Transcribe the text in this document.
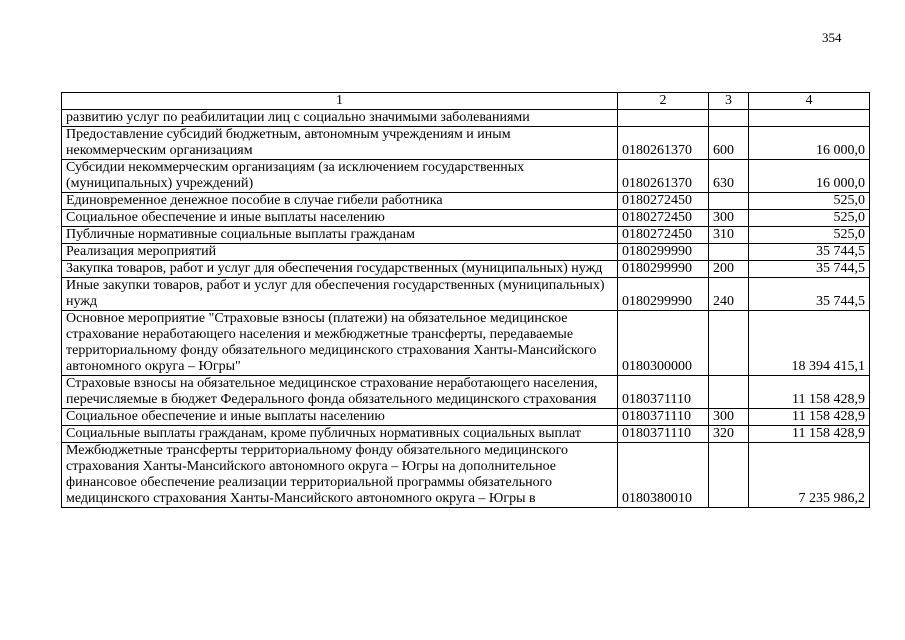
354
1	2	3	4
развитию услуг по реабилитации лиц с социально значимыми заболеваниями			
Предоставление субсидий бюджетным, автономным учреждениям и иным некоммерческим организациям	0180261370	600	16 000,0
Субсидии некоммерческим организациям (за исключением государственных (муниципальных) учреждений)	0180261370	630	16 000,0
Единовременное денежное пособие в случае гибели работника	0180272450		525,0
Социальное обеспечение и иные выплаты населению	0180272450	300	525,0
Публичные нормативные социальные выплаты гражданам	0180272450	310	525,0
Реализация мероприятий	0180299990		35 744,5
Закупка товаров, работ и услуг для обеспечения государственных (муниципальных) нужд	0180299990	200	35 744,5
Иные закупки товаров, работ и услуг для обеспечения государственных (муниципальных) нужд	0180299990	240	35 744,5
Основное мероприятие "Страховые взносы (платежи) на обязательное медицинское страхование неработающего населения и межбюджетные трансферты, передаваемые территориальному фонду обязательного медицинского страхования Ханты-Мансийского автономного округа – Югры"	0180300000		18 394 415,1
Страховые взносы на обязательное медицинское страхование неработающего населения, перечисляемые в бюджет Федерального фонда обязательного медицинского страхования	0180371110		11 158 428,9
Социальное обеспечение и иные выплаты населению	0180371110	300	11 158 428,9
Социальные выплаты гражданам, кроме публичных нормативных социальных выплат	0180371110	320	11 158 428,9
Межбюджетные трансферты территориальному фонду обязательного медицинского страхования Ханты-Мансийского автономного округа – Югры на дополнительное финансовое обеспечение реализации территориальной программы обязательного медицинского страхования Ханты-Мансийского автономного округа – Югры в	0180380010		7 235 986,2
